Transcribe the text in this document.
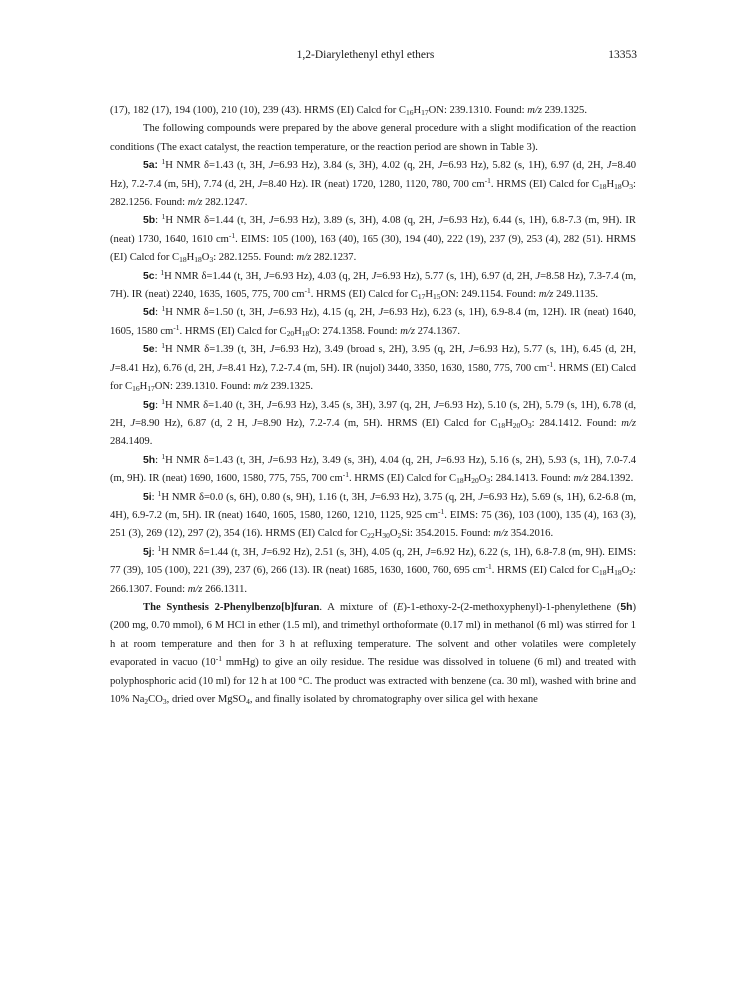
1,2-Diarylethenyl ethyl ethers	13353

(17), 182 (17), 194 (100), 210 (10), 239 (43). HRMS (EI) Calcd for $C_{16}H_{17}ON$: 239.1310. Found: m/z 239.1325.

The following compounds were prepared by the above general procedure with a slight modification of the reaction conditions (The exact catalyst, the reaction temperature, or the reaction period are shown in Table 3).

5a: $^1$H NMR δ=1.43 (t, 3H, J=6.93 Hz), 3.84 (s, 3H), 4.02 (q, 2H, J=6.93 Hz), 5.82 (s, 1H), 6.97 (d, 2H, J=8.40 Hz), 7.2-7.4 (m, 5H), 7.74 (d, 2H, J=8.40 Hz). IR (neat) 1720, 1280, 1120, 780, 700 $cm^{-1}$. HRMS (EI) Calcd for $C_{18}H_{18}O_3$: 282.1256. Found: m/z 282.1247.

5b: $^1$H NMR δ=1.44 (t, 3H, J=6.93 Hz), 3.89 (s, 3H), 4.08 (q, 2H, J=6.93 Hz), 6.44 (s, 1H), 6.8-7.3 (m, 9H). IR (neat) 1730, 1640, 1610 $cm^{-1}$. EIMS: 105 (100), 163 (40), 165 (30), 194 (40), 222 (19), 237 (9), 253 (4), 282 (51). HRMS (EI) Calcd for $C_{18}H_{18}O_3$: 282.1255. Found: m/z 282.1237.

5c: $^1$H NMR δ=1.44 (t, 3H, J=6.93 Hz), 4.03 (q, 2H, J=6.93 Hz), 5.77 (s, 1H), 6.97 (d, 2H, J=8.58 Hz), 7.3-7.4 (m, 7H). IR (neat) 2240, 1635, 1605, 775, 700 $cm^{-1}$. HRMS (EI) Calcd for $C_{17}H_{15}ON$: 249.1154. Found: m/z 249.1135.

5d: $^1$H NMR δ=1.50 (t, 3H, J=6.93 Hz), 4.15 (q, 2H, J=6.93 Hz), 6.23 (s, 1H), 6.9-8.4 (m, 12H). IR (neat) 1640, 1605, 1580 $cm^{-1}$. HRMS (EI) Calcd for $C_{20}H_{18}O$: 274.1358. Found: m/z 274.1367.

5e: $^1$H NMR δ=1.39 (t, 3H, J=6.93 Hz), 3.49 (broad s, 2H), 3.95 (q, 2H, J=6.93 Hz), 5.77 (s, 1H), 6.45 (d, 2H, J=8.41 Hz), 6.76 (d, 2H, J=8.41 Hz), 7.2-7.4 (m, 5H). IR (nujol) 3440, 3350, 1630, 1580, 775, 700 $cm^{-1}$. HRMS (EI) Calcd for $C_{16}H_{17}ON$: 239.1310. Found: m/z 239.1325.

5g: $^1$H NMR δ=1.40 (t, 3H, J=6.93 Hz), 3.45 (s, 3H), 3.97 (q, 2H, J=6.93 Hz), 5.10 (s, 2H), 5.79 (s, 1H), 6.78 (d, 2H, J=8.90 Hz), 6.87 (d, 2 H, J=8.90 Hz), 7.2-7.4 (m, 5H). HRMS (EI) Calcd for $C_{18}H_{20}O_3$: 284.1412. Found: m/z 284.1409.

5h: $^1$H NMR δ=1.43 (t, 3H, J=6.93 Hz), 3.49 (s, 3H), 4.04 (q, 2H, J=6.93 Hz), 5.16 (s, 2H), 5.93 (s, 1H), 7.0-7.4 (m, 9H). IR (neat) 1690, 1600, 1580, 775, 755, 700 $cm^{-1}$. HRMS (EI) Calcd for $C_{18}H_{20}O_3$: 284.1413. Found: m/z 284.1392.

5i: $^1$H NMR δ=0.0 (s, 6H), 0.80 (s, 9H), 1.16 (t, 3H, J=6.93 Hz), 3.75 (q, 2H, J=6.93 Hz), 5.69 (s, 1H), 6.2-6.8 (m, 4H), 6.9-7.2 (m, 5H). IR (neat) 1640, 1605, 1580, 1260, 1210, 1125, 925 $cm^{-1}$. EIMS: 75 (36), 103 (100), 135 (4), 163 (3), 251 (3), 269 (12), 297 (2), 354 (16). HRMS (EI) Calcd for $C_{22}H_{30}O_2Si$: 354.2015. Found: m/z 354.2016.

5j: $^1$H NMR δ=1.44 (t, 3H, J=6.92 Hz), 2.51 (s, 3H), 4.05 (q, 2H, J=6.92 Hz), 6.22 (s, 1H), 6.8-7.8 (m, 9H). EIMS: 77 (39), 105 (100), 221 (39), 237 (6), 266 (13). IR (neat) 1685, 1630, 1600, 760, 695 $cm^{-1}$. HRMS (EI) Calcd for $C_{18}H_{18}O_2$: 266.1307. Found: m/z 266.1311.

The Synthesis 2-Phenylbenzo[b]furan. A mixture of (E)-1-ethoxy-2-(2-methoxyphenyl)-1-phenylethene (5h) (200 mg, 0.70 mmol), 6 M HCl in ether (1.5 ml), and trimethyl orthoformate (0.17 ml) in methanol (6 ml) was stirred for 1 h at room temperature and then for 3 h at refluxing temperature. The solvent and other volatiles were completely evaporated in vacuo ($10^{-1}$ mmHg) to give an oily residue. The residue was dissolved in toluene (6 ml) and treated with polyphosphoric acid (10 ml) for 12 h at 100 °C. The product was extracted with benzene (ca. 30 ml), washed with brine and 10% $Na_2CO_3$, dried over MgSO$_4$, and finally isolated by chromatography over silica gel with hexane
